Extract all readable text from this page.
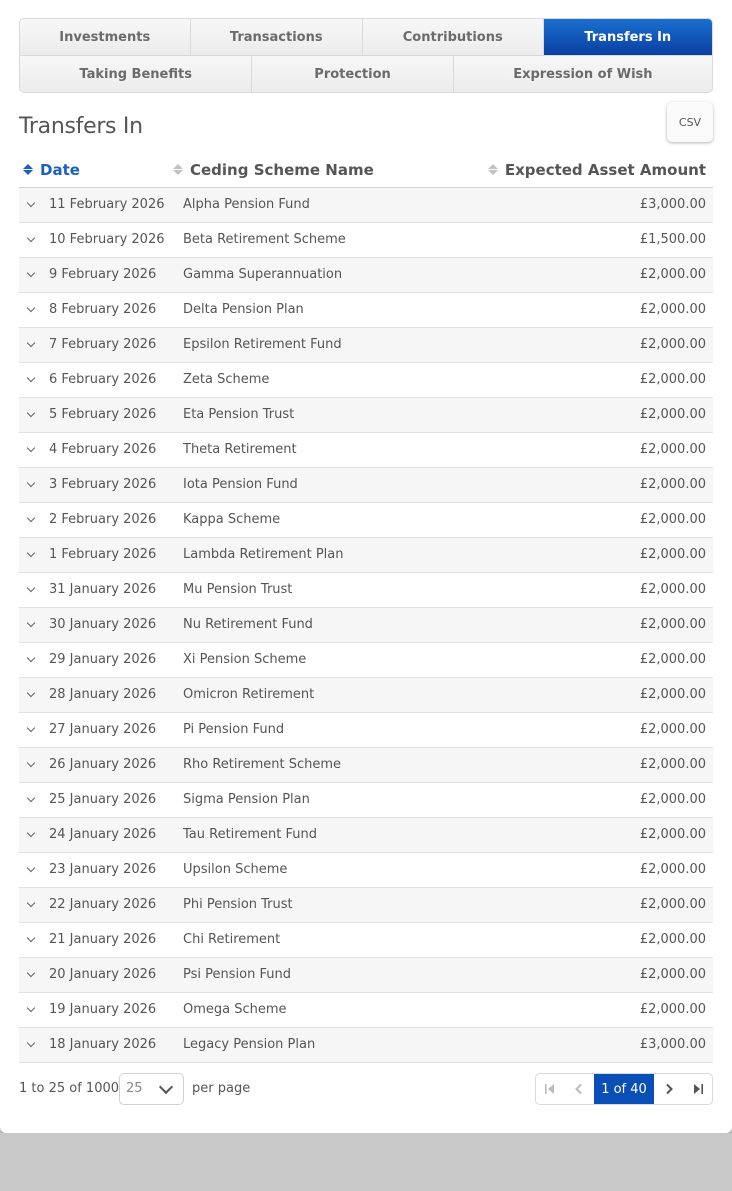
Investments	Transactions	Contributions	Transfers In
Taking Benefits	Protection	Expression of Wish
Transfers In	CSV
Date	Ceding Scheme Name	Expected Asset Amount
11 February 2026 Alpha Pension Fund	£3,000.00
10 February 2026 Beta Retirement Scheme	£1,500.00
9 February 2026 Gamma Superannuation	£2,000.00
8 February 2026 Delta Pension Plan	£2,000.00
7 February 2026 Epsilon Retirement Fund	£2,000.00
6 February 2026 Zeta Scheme	£2,000.00
5 February 2026 Eta Pension Trust	£2,000.00
4 February 2026 Theta Retirement	£2,000.00
3 February 2026 Iota Pension Fund	£2,000.00
2 February 2026 Kappa Scheme	£2,000.00
1 February 2026 Lambda Retirement Plan	£2,000.00
31 January 2026 Mu Pension Trust	£2,000.00
30 January 2026 Nu Retirement Fund	£2,000.00
29 January 2026 Xi Pension Scheme	£2,000.00
28 January 2026 Omicron Retirement	£2,000.00
27 January 2026 Pi Pension Fund	£2,000.00
26 January 2026 Rho Retirement Scheme	£2,000.00
25 January 2026 Sigma Pension Plan	£2,000.00
24 January 2026 Tau Retirement Fund	£2,000.00
23 January 2026 Upsilon Scheme	£2,000.00
22 January 2026 Phi Pension Trust	£2,000.00
21 January 2026 Chi Retirement	£2,000.00
20 January 2026 Psi Pension Fund	£2,000.00
19 January 2026 Omega Scheme	£2,000.00
18 January 2026 Legacy Pension Plan	£3,000.00
1 to 25 of 1000 25	per page	1 of 40
